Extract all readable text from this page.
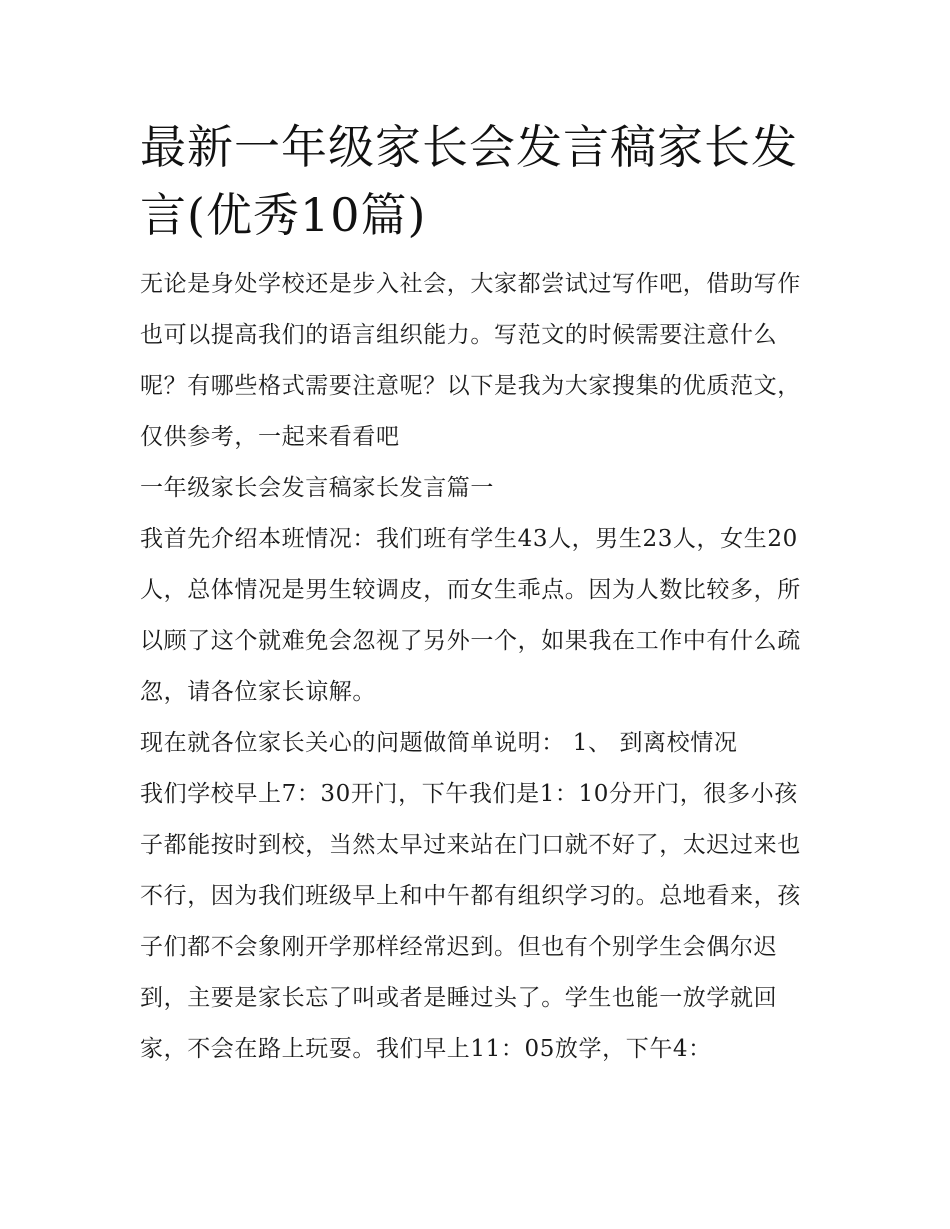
最新一年级家长会发言稿家长发言(优秀10篇)

无论是身处学校还是步入社会，大家都尝试过写作吧，借助写作也可以提高我们的语言组织能力。写范文的时候需要注意什么呢？有哪些格式需要注意呢？以下是我为大家搜集的优质范文，仅供参考，一起来看看吧

一年级家长会发言稿家长发言篇一

我首先介绍本班情况：我们班有学生43人，男生23人，女生20人，总体情况是男生较调皮，而女生乖点。因为人数比较多，所以顾了这个就难免会忽视了另外一个，如果我在工作中有什么疏忽，请各位家长谅解。

现在就各位家长关心的问题做简单说明： 1、 到离校情况

我们学校早上7：30开门，下午我们是1：10分开门，很多小孩子都能按时到校，当然太早过来站在门口就不好了，太迟过来也不行，因为我们班级早上和中午都有组织学习的。总地看来，孩子们都不会象刚开学那样经常迟到。但也有个别学生会偶尔迟到，主要是家长忘了叫或者是睡过头了。学生也能一放学就回家，不会在路上玩耍。我们早上11：05放学，下午4：
